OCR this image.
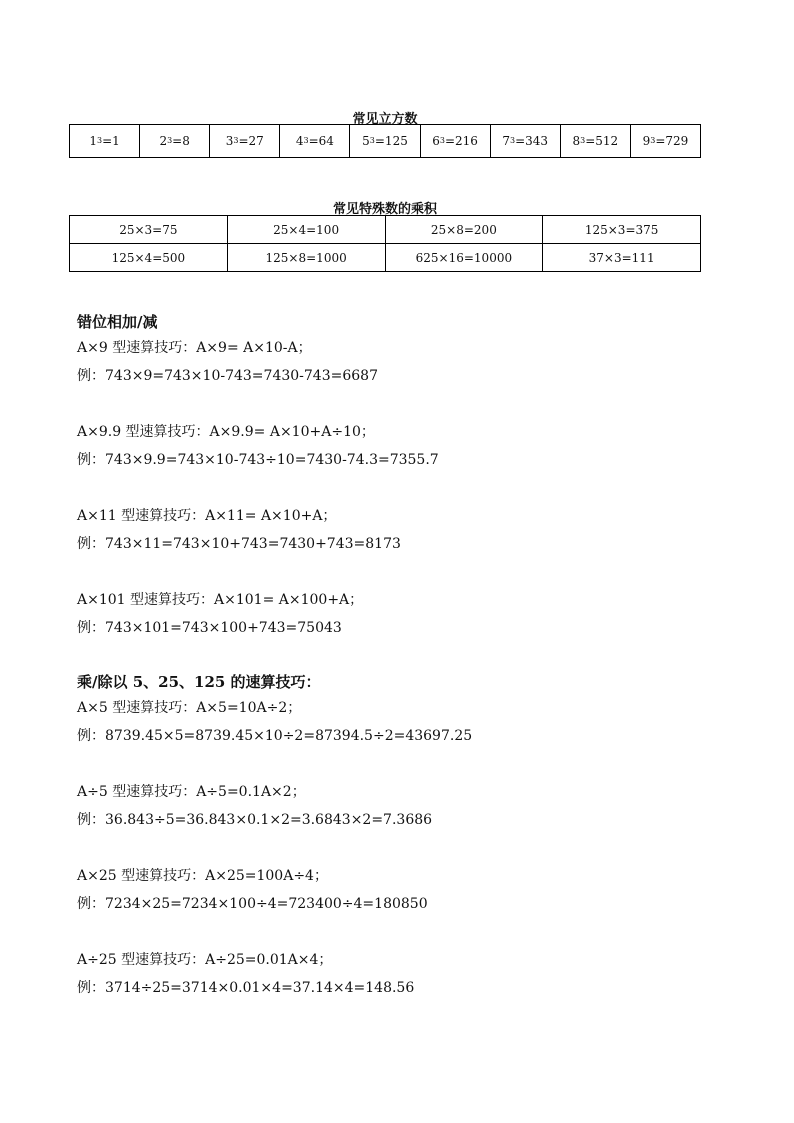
常见立方数

$1^3=1$	$2^3=8$	$3^3=27$	$4^3=64$	$5^3=125$	$6^3=216$	$7^3=343$	$8^3=512$	$9^3=729$

常见特殊数的乘积

25×3=75	25×4=100	25×8=200	125×3=375
125×4=500	125×8=1000	625×16=10000	37×3=111

错位相加/减

A×9 型速算技巧：A×9= A×10-A；

例：743×9=743×10-743=7430-743=6687

A×9.9 型速算技巧：A×9.9= A×10+A÷10；

例：743×9.9=743×10-743÷10=7430-74.3=7355.7

A×11 型速算技巧：A×11= A×10+A；

例：743×11=743×10+743=7430+743=8173

A×101 型速算技巧：A×101= A×100+A；

例：743×101=743×100+743=75043

乘/除以 5、25、125 的速算技巧：

A×5 型速算技巧：A×5=10A÷2；

例：8739.45×5=8739.45×10÷2=87394.5÷2=43697.25

A÷5 型速算技巧：A÷5=0.1A×2；

例：36.843÷5=36.843×0.1×2=3.6843×2=7.3686

A×25 型速算技巧：A×25=100A÷4；

例：7234×25=7234×100÷4=723400÷4=180850

A÷25 型速算技巧：A÷25=0.01A×4；

例：3714÷25=3714×0.01×4=37.14×4=148.56
